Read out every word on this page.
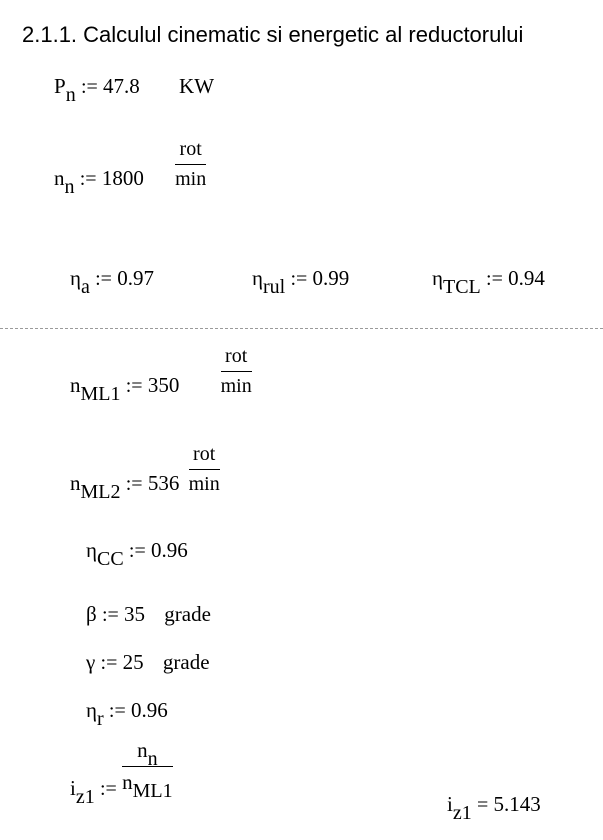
2.1.1. Calculul cinematic si energetic al reductorului
Pn := 47.8 KW
nn := $1800 \frac{\text{rot}}{\min}$
ηa := 0.97	ηrul := 0.99	ηTCL := 0.94
nML1 := $350 \frac{\text{rot}}{\min}$
nML2 := $536 \frac{\text{rot}}{\min}$
ηCC := 0.96
β := 35 grade
γ := 25 grade
ηr := 0.96
iz1 := $\frac{nn}{\text{nML1}}$
iz1 = 5.143
